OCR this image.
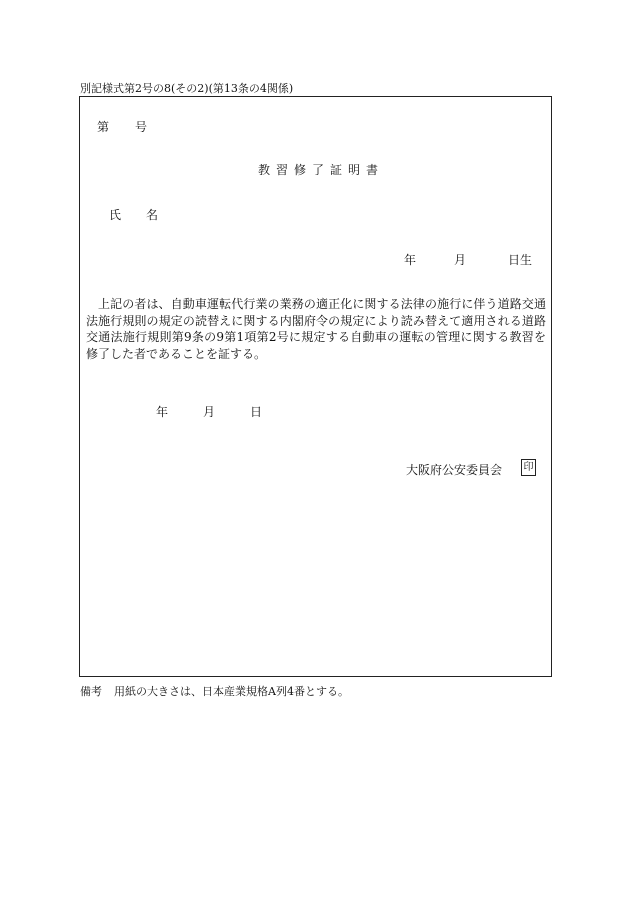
別記様式第2号の8(その2)(第13条の4関係)
第号
教習修了証明書
氏名
年	月	日生
上記の者は、自動車運転代行業の業務の適正化に関する法律の施行に伴う道路交通法施行規則の規定の読替えに関する内閣府令の規定により読み替えて適用される道路交通法施行規則第9条の9第1項第2号に規定する自動車の運転の管理に関する教習を修了した者であることを証する。
年	月	日
大阪府公安委員会 印
備考 用紙の大きさは、日本産業規格A列4番とする。
